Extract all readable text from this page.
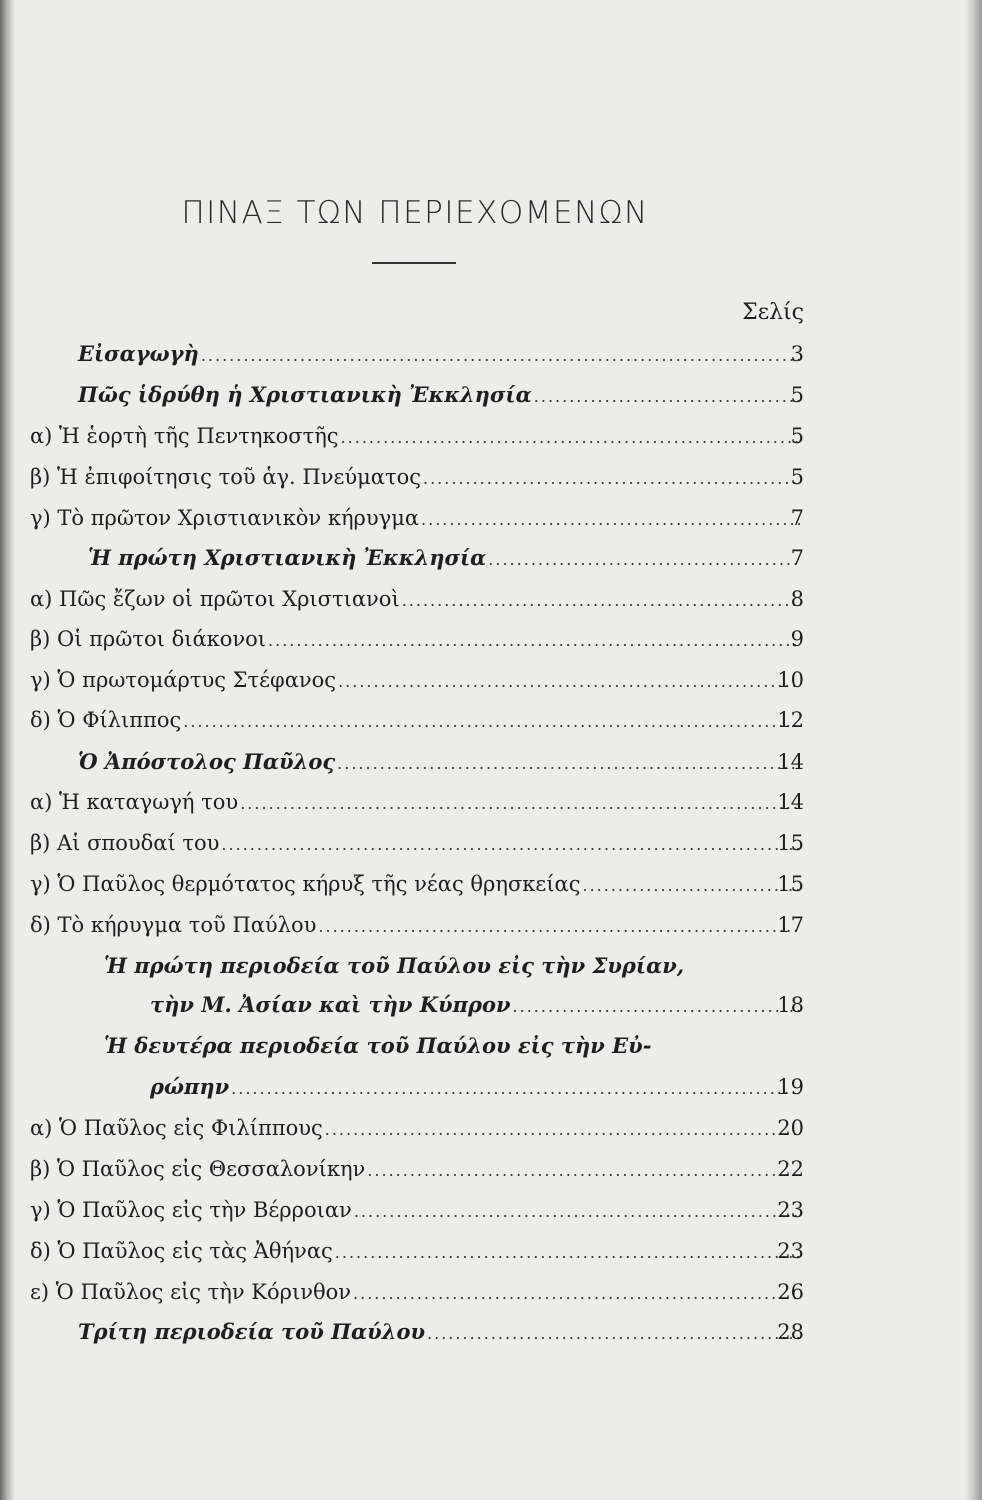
ΠΙΝΑΞ ΤΩΝ ΠΕΡΙΕΧΟΜΕΝΩΝ
Σελίς
Εἰσαγωγὴ .....	3
Πῶς ἱδρύθη ἡ Χριστιανικὴ Ἐκκλησία .....	5
α) Ἡ ἑορτὴ τῆς Πεντηκοστῆς .....	5
β) Ἡ ἐπιφοίτησις τοῦ ἁγ. Πνεύματος .....	5
γ) Τὸ πρῶτον Χριστιανικὸν κήρυγμα .....	7
Ἡ πρώτη Χριστιανικὴ Ἐκκλησία .....	7
α) Πῶς ἔζων οἱ πρῶτοι Χριστιανοὶ .....	8
β) Οἱ πρῶτοι διάκονοι .....	9
γ) Ὁ πρωτομάρτυς Στέφανος .....	10
δ) Ὁ Φίλιππος .....	12
Ὁ Ἀπόστολος Παῦλος .....	14
α) Ἡ καταγωγή του .....	14
β) Αἱ σπουδαί του .....	15
γ) Ὁ Παῦλος θερμότατος κήρυξ τῆς νέας θρησκείας .....	15
δ) Τὸ κήρυγμα τοῦ Παύλου .....	17
Ἡ πρώτη περιοδεία τοῦ Παύλου εἰς τὴν Συρίαν,
τὴν Μ. Ἀσίαν καὶ τὴν Κύπρον .....	18
Ἡ δευτέρα περιοδεία τοῦ Παύλου εἰς τὴν Εὐ-
ρώπην .....	19
α) Ὁ Παῦλος εἰς Φιλίππους .....	20
β) Ὁ Παῦλος εἰς Θεσσαλονίκην .....	22
γ) Ὁ Παῦλος εἰς τὴν Βέρροιαν .....	23
δ) Ὁ Παῦλος εἰς τὰς Ἀθήνας .....	23
ε) Ὁ Παῦλος εἰς τὴν Κόρινθον .....	26
Τρίτη περιοδεία τοῦ Παύλου .....	28
